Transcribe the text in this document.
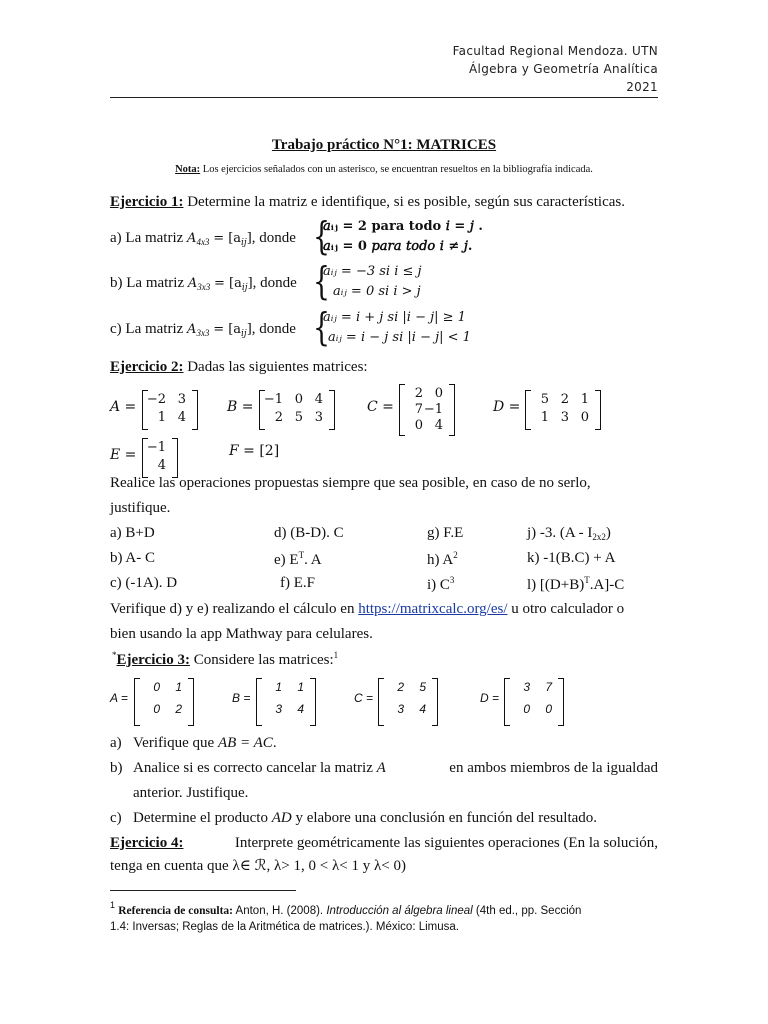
Facultad Regional Mendoza. UTN
Álgebra y Geometría Analítica
2021
Trabajo práctico N°1: MATRICES
Nota: Los ejercicios señalados con un asterisco, se encuentran resueltos en la bibliografía indicada.
Ejercicio 1: Determine la matriz e identifique, si es posible, según sus características.
a) La matriz $A_{4x3} = [a_{ij}]$, donde {
𝑎ᵢⱼ = 2 para todo 𝑖 = 𝑗 .
𝑎ᵢⱼ = 0 𝑝𝑎𝑟𝑎 𝑡𝑜𝑑𝑜 𝑖 ≠ 𝑗.
b) La matriz $A_{3x3} = [a_{ij}]$, donde {
𝑎ᵢⱼ = −3 𝑠𝑖 𝑖 ≤ 𝑗
𝑎ᵢⱼ = 0 𝑠𝑖 𝑖 > 𝑗
c) La matriz $A_{3x3} = [a_{ij}]$, donde {
𝑎ᵢⱼ = 𝑖 + 𝑗 𝑠𝑖 |𝑖 − 𝑗| ≥ 1
𝑎ᵢⱼ = 𝑖 − 𝑗 𝑠𝑖 |𝑖 − 𝑗| < 1
Ejercicio 2: Dadas las siguientes matrices:
𝐴 = −2 3
1 4
𝐵 = −1 0 4
2 5 3
𝐶 =
2 0
7 −1
0 4
𝐷 =	5 2 1
1 3 0
𝐸 = −1
4
𝐹 = [2]
Realice las operaciones propuestas siempre que sea posible, en caso de no serlo,
justifique.
a) B+D	d) (B-D). C	g) F.E	j) -3. $(A - I_{2x2})$
b) A- C	e) $E^T$. A	h) $A^2$	k) -1(B.C) + A
c) (-1A). D	f) E.F	i) $C^3$	l) $[(D+B)^T.A]-C$
Verifique d) y e) realizando el cálculo en https://matrixcalc.org/es/ u otro calculador o
bien usando la app Mathway para celulares.
*Ejercicio 3: Considere las matrices:$^1$
A =
0	1
0	2
B =
1	1
3	4
C =
2	5
3	4
D =
3	7
0	0
a) Verifique que AB = AC.
b) Analice si es correcto cancelar la matriz A	en ambos miembros de la igualdad
anterior. Justifique.
c) Determine el producto AD y elabore una conclusión en función del resultado.
Ejercicio 4:	Interprete geométricamente las siguientes operaciones (En la solución,
tenga en cuenta que λ∈ ℛ, λ> 1, 0 < λ< 1 y λ< 0)
$^1$ Referencia de consulta: Anton, H. (2008). Introducción al álgebra lineal (4th ed., pp. Sección
1.4: Inversas; Reglas de la Aritmética de matrices.). México: Limusa.
